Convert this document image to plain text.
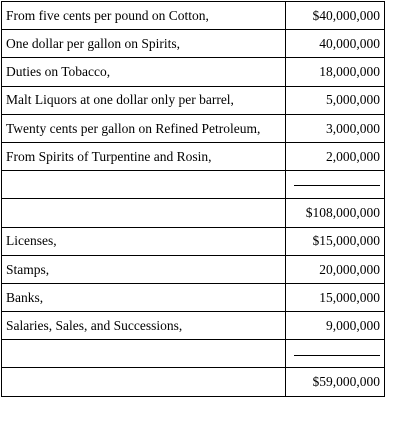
From five cents per pound on Cotton,	$40,000,000
One dollar per gallon on Spirits,	40,000,000
Duties on Tobacco,	18,000,000
Malt Liquors at one dollar only per barrel,	5,000,000
Twenty cents per gallon on Refined Petroleum,	3,000,000
From Spirits of Turpentine and Rosin,	2,000,000

	$108,000,000
Licenses,	$15,000,000
Stamps,	20,000,000
Banks,	15,000,000
Salaries, Sales, and Successions,	9,000,000

	$59,000,000
